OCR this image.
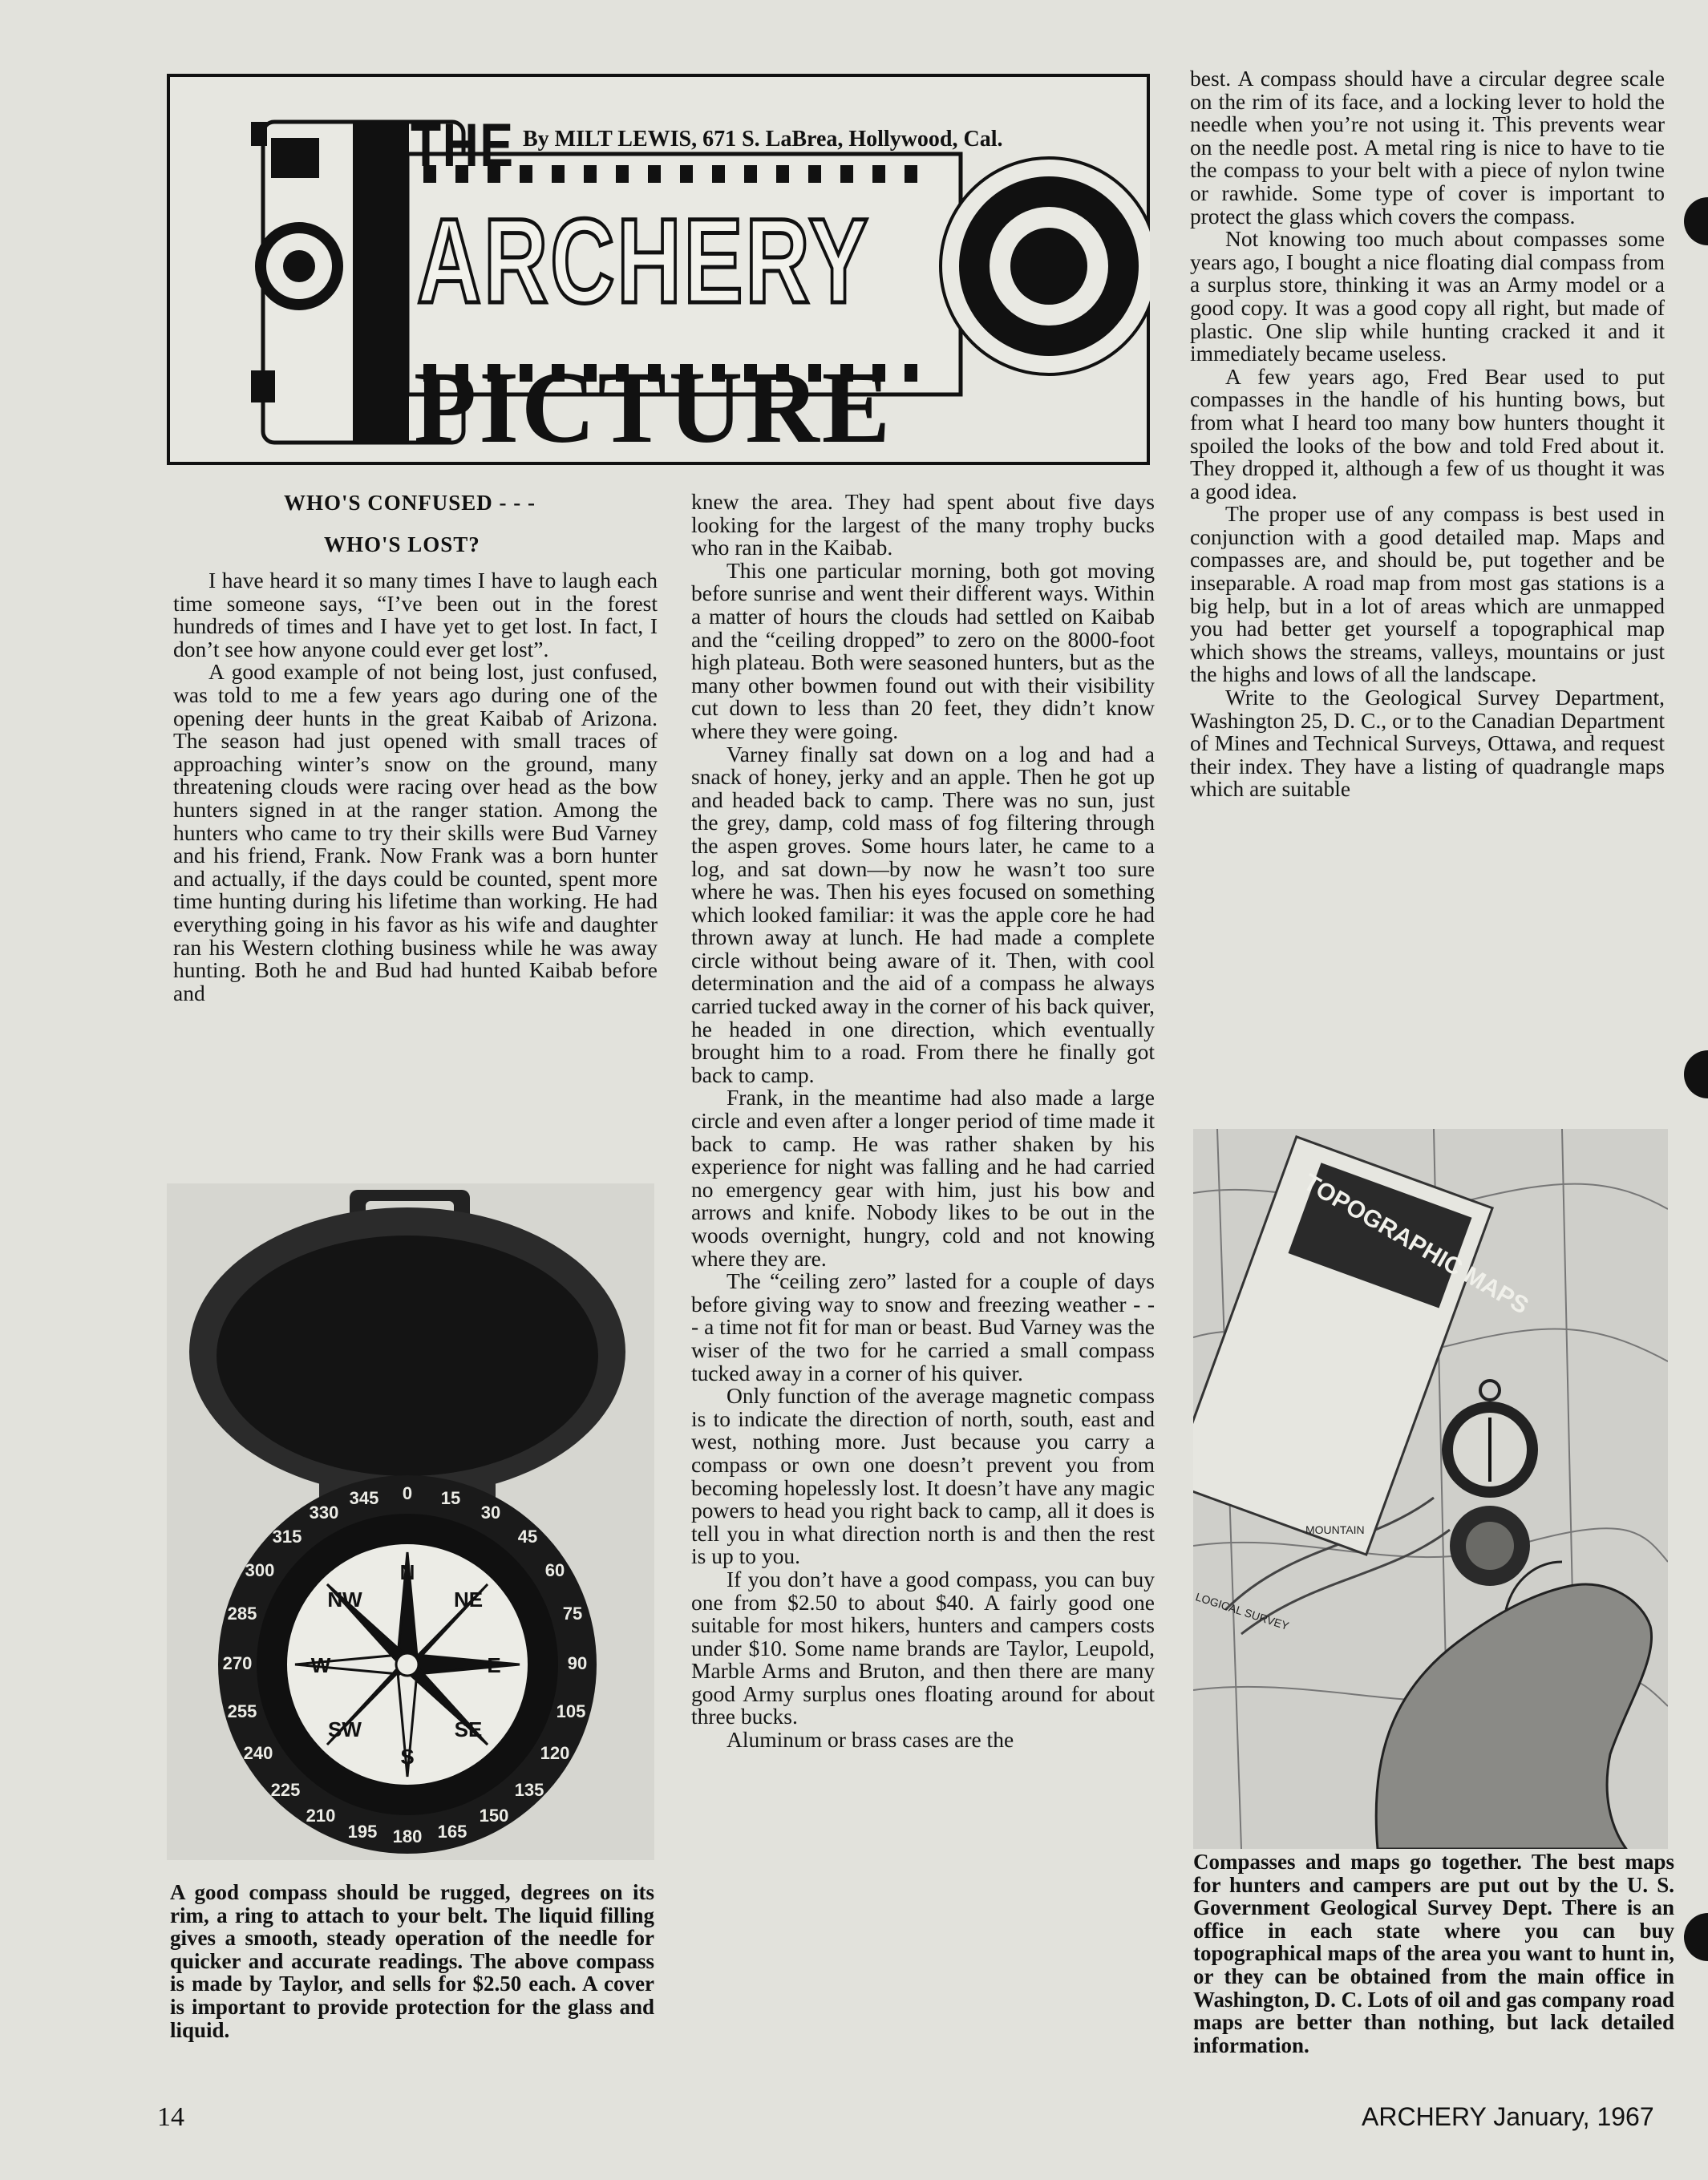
THE By MILT LEWIS, 671 S. LaBrea, Hollywood, Cal.
ARCHERY
PICTURE
WHO'S CONFUSED - - -
WHO'S LOST?

I have heard it so many times I have to laugh each time someone says, “I’ve been out in the forest hundreds of times and I have yet to get lost. In fact, I don’t see how anyone could ever get lost”.

A good example of not being lost, just confused, was told to me a few years ago during one of the opening deer hunts in the great Kaibab of Arizona. The season had just opened with small traces of approaching winter’s snow on the ground, many threatening clouds were racing over head as the bow hunters signed in at the ranger station. Among the hunters who came to try their skills were Bud Varney and his friend, Frank. Now Frank was a born hunter and actually, if the days could be counted, spent more time hunting during his lifetime than working. He had everything going in his favor as his wife and daughter ran his Western clothing business while he was away hunting. Both he and Bud had hunted Kaibab before and

0 15
30
45
60
75
90
105
120
135
150
165
180
195
210
225
240
255
270
285
300
315
330
345
N
NE
E
SE
S
SW
W
NW
A good compass should be rugged, degrees on its rim, a ring to attach to your belt. The liquid filling gives a smooth, steady operation of the needle for quicker and accurate readings. The above compass is made by Taylor, and sells for $2.50 each. A cover is important to provide protection for the glass and liquid.

knew the area. They had spent about five days looking for the largest of the many trophy bucks who ran in the Kaibab.

This one particular morning, both got moving before sunrise and went their different ways. Within a matter of hours the clouds had settled on Kaibab and the “ceiling dropped” to zero on the 8000-foot high plateau. Both were seasoned hunters, but as the many other bowmen found out with their visibility cut down to less than 20 feet, they didn’t know where they were going.

Varney finally sat down on a log and had a snack of honey, jerky and an apple. Then he got up and headed back to camp. There was no sun, just the grey, damp, cold mass of fog filtering through the aspen groves. Some hours later, he came to a log, and sat down—by now he wasn’t too sure where he was. Then his eyes focused on something which looked familiar: it was the apple core he had thrown away at lunch. He had made a complete circle without being aware of it. Then, with cool determination and the aid of a compass he always carried tucked away in the corner of his back quiver, he headed in one direction, which eventually brought him to a road. From there he finally got back to camp.

Frank, in the meantime had also made a large circle and even after a longer period of time made it back to camp. He was rather shaken by his experience for night was falling and he had carried no emergency gear with him, just his bow and arrows and knife. Nobody likes to be out in the woods overnight, hungry, cold and not knowing where they are.

The “ceiling zero” lasted for a couple of days before giving way to snow and freezing weather - - - a time not fit for man or beast. Bud Varney was the wiser of the two for he carried a small compass tucked away in a corner of his quiver.

Only function of the average magnetic compass is to indicate the direction of north, south, east and west, nothing more. Just because you carry a compass or own one doesn’t prevent you from becoming hopelessly lost. It doesn’t have any magic powers to head you right back to camp, all it does is tell you in what direction north is and then the rest is up to you.

If you don’t have a good compass, you can buy one from $2.50 to about $40. A fairly good one suitable for most hikers, hunters and campers costs under $10. Some name brands are Taylor, Leupold, Marble Arms and Bruton, and then there are many good Army surplus ones floating around for about three bucks.

Aluminum or brass cases are the

best. A compass should have a circular degree scale on the rim of its face, and a locking lever to hold the needle when you’re not using it. This prevents wear on the needle post. A metal ring is nice to have to tie the compass to your belt with a piece of nylon twine or rawhide. Some type of cover is important to protect the glass which covers the compass.

Not knowing too much about compasses some years ago, I bought a nice floating dial compass from a surplus store, thinking it was an Army model or a good copy. It was a good copy all right, but made of plastic. One slip while hunting cracked it and it immediately became useless.

A few years ago, Fred Bear used to put compasses in the handle of his hunting bows, but from what I heard too many bow hunters thought it spoiled the looks of the bow and told Fred about it. They dropped it, although a few of us thought it was a good idea.

The proper use of any compass is best used in conjunction with a good detailed map. Maps and compasses are, and should be, put together and be inseparable. A road map from most gas stations is a big help, but in a lot of areas which are unmapped you had better get yourself a topographical map which shows the streams, valleys, mountains or just the highs and lows of all the landscape.

Write to the Geological Survey Department, Washington 25, D. C., or to the Canadian Department of Mines and Technical Surveys, Ottawa, and request their index. They have a listing of quadrangle maps which are suitable

TOPOGRAPHIC MAPS
LOGICAL SURVEY
MOUNTAIN
Compasses and maps go together. The best maps for hunters and campers are put out by the U. S. Government Geological Survey Dept. There is an office in each state where you can buy topographical maps of the area you want to hunt in, or they can be obtained from the main office in Washington, D. C. Lots of oil and gas company road maps are better than nothing, but lack detailed information.
14	ARCHERY January, 1967
